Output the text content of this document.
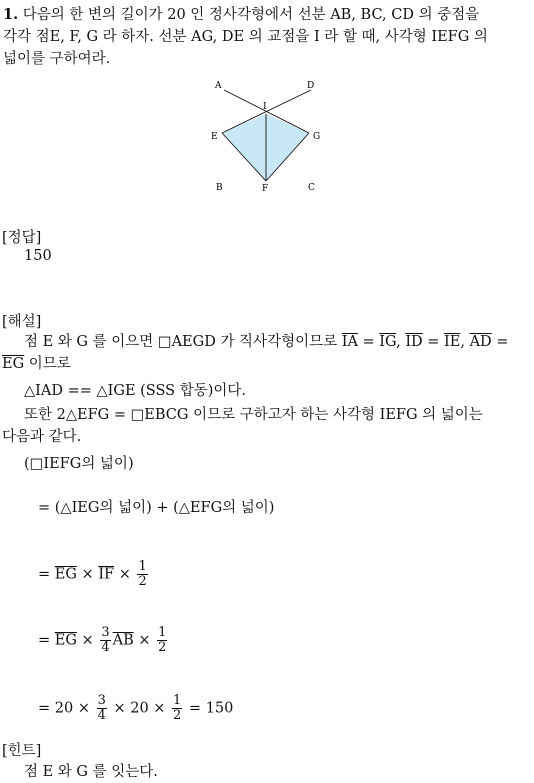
1. 다음의 한 변의 길이가 20 인 정사각형에서 선분 AB, BC, CD 의 중점을
각각 점E, F, G 라 하자. 선분 AG, DE 의 교점을 I 라 할 때, 사각형 IEFG 의
넓이를 구하여라.
A	D
I
E	G
B	F	C
[정답]
150
[해설]
점 E 와 G 를 이으면 □AEGD 가 직사각형이므로 $\overline{IA} = \overline{IG}$, $\overline{ID} = \overline{IE}$, $\overline{AD}$ =
$\overline{EG}$ 이므로
△IAD == △IGE (SSS 합동)이다.
또한 2△EFG = □EBCG 이므로 구하고자 하는 사각형 IEFG 의 넓이는
다음과 같다.
(□IEFG의 넓이)
= (△IEG의 넓이) + (△EFG의 넓이)
= $\overline{EG} \times \overline{IF} \times \frac{1}{2}$
= $\overline{EG} \times \frac{3}{4} \overline{AB} \times \frac{1}{2}$
= $20 \times \frac{3}{4} \times 20 \times \frac{1}{2} = 150$
[힌트]
점 E 와 G 를 잇는다.
